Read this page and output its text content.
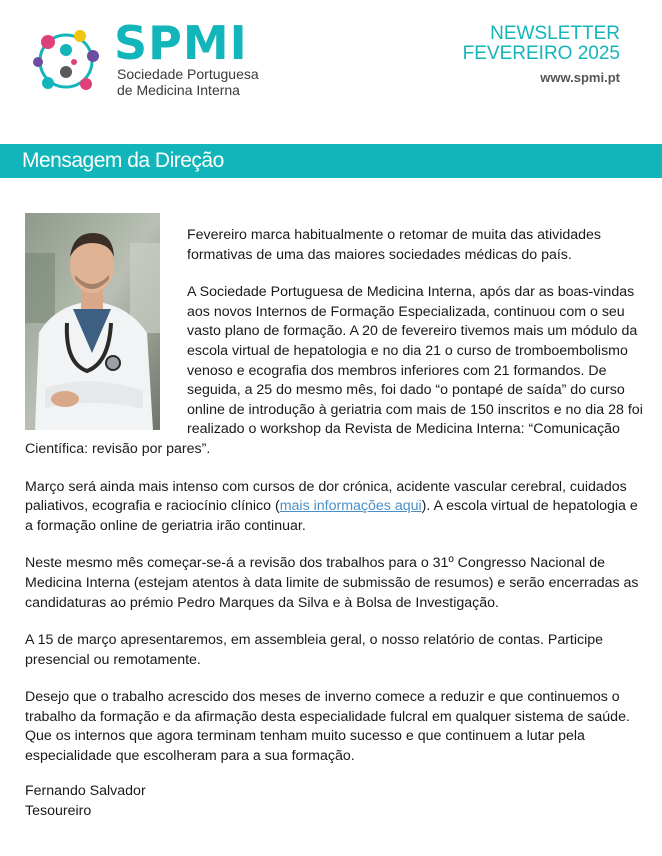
SPMI
Sociedade Portuguesa
de Medicina Interna
NEWSLETTER
FEVEREIRO 2025
www.spmi.pt
Mensagem da Direção

Fevereiro marca habitualmente o retomar de muita das atividades formativas de uma das maiores sociedades médicas do país.

A Sociedade Portuguesa de Medicina Interna, após dar as boas-vindas aos novos Internos de Formação Especializada, continuou com o seu vasto plano de formação. A 20 de fevereiro tivemos mais um módulo da escola virtual de hepatologia e no dia 21 o curso de tromboembolismo venoso e ecografia dos membros inferiores com 21 formandos. De seguida, a 25 do mesmo mês, foi dado “o pontapé de saída” do curso online de introdução à geriatria com mais de 150 inscritos e no dia 28 foi realizado o workshop da Revista de Medicina Interna: “Comunicação Científica: revisão por pares”.

Março será ainda mais intenso com cursos de dor crónica, acidente vascular cerebral, cuidados paliativos, ecografia e raciocínio clínico (mais informações aqui). A escola virtual de hepatologia e a formação online de geriatria irão continuar.

Neste mesmo mês começar-se-á a revisão dos trabalhos para o 31º Congresso Nacional de Medicina Interna (estejam atentos à data limite de submissão de resumos) e serão encerradas as candidaturas ao prémio Pedro Marques da Silva e à Bolsa de Investigação.

A 15 de março apresentaremos, em assembleia geral, o nosso relatório de contas. Participe presencial ou remotamente.

Desejo que o trabalho acrescido dos meses de inverno comece a reduzir e que continuemos o trabalho da formação e da afirmação desta especialidade fulcral em qualquer sistema de saúde. Que os internos que agora terminam tenham muito sucesso e que continuem a lutar pela especialidade que escolheram para a sua formação.

Fernando Salvador
Tesoureiro
